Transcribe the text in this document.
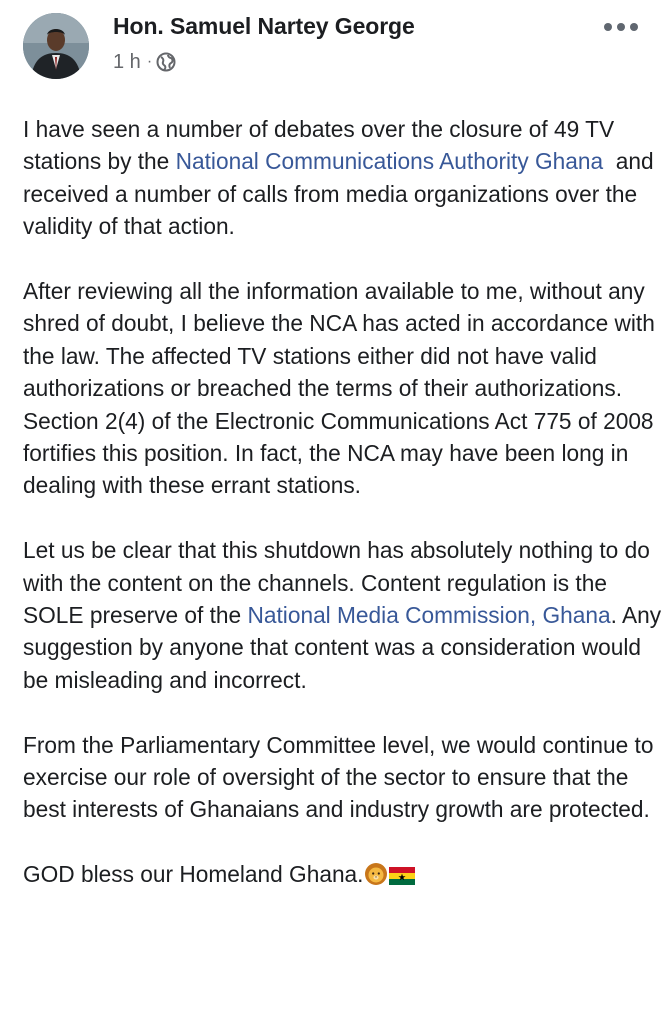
Hon. Samuel Nartey George
1 h ·

I have seen a number of debates over the closure of 49 TV stations by the National Communications Authority Ghana  and received a number of calls from media organizations over the validity of that action.

After reviewing all the information available to me, without any shred of doubt, I believe the NCA has acted in accordance with the law. The affected TV stations either did not have valid authorizations or breached the terms of their authorizations. Section 2(4) of the Electronic Communications Act 775 of 2008 fortifies this position. In fact, the NCA may have been long in dealing with these errant stations.

Let us be clear that this shutdown has absolutely nothing to do with the content on the channels. Content regulation is the SOLE preserve of the National Media Commission, Ghana. Any suggestion by anyone that content was a consideration would be misleading and incorrect.

From the Parliamentary Committee level, we would continue to exercise our role of oversight of the sector to ensure that the best interests of Ghanaians and industry growth are protected.

GOD bless our Homeland Ghana.
